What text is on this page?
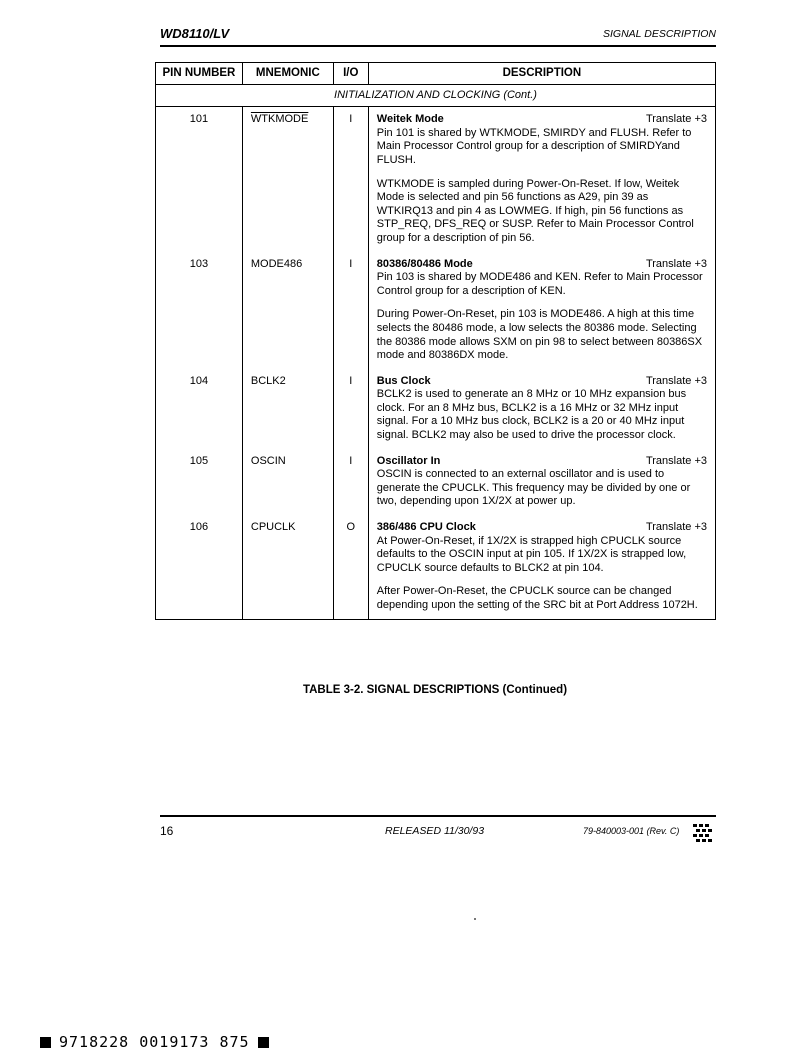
WD8110/LV	SIGNAL DESCRIPTION
PIN NUMBER	MNEMONIC	I/O	DESCRIPTION
INITIALIZATION AND CLOCKING (Cont.)			
101	WTKMODE	I	Weitek Mode Translate +3

Pin 101 is shared by WTKMODE, SMIRDY and FLUSH. Refer to Main Processor Control group for a description of SMIRDYand FLUSH.

WTKMODE is sampled during Power-On-Reset. If low, Weitek Mode is selected and pin 56 functions as A29, pin 39 as WTKIRQ13 and pin 4 as LOWMEG. If high, pin 56 functions as STP_REQ, DFS_REQ or SUSP. Refer to Main Processor Control group for a description of pin 56.

103	MODE486	I	80386/80486 Mode Translate +3

Pin 103 is shared by MODE486 and KEN. Refer to Main Processor Control group for a description of KEN.

During Power-On-Reset, pin 103 is MODE486. A high at this time selects the 80486 mode, a low selects the 80386 mode. Selecting the 80386 mode allows SXM on pin 98 to select between 80386SX mode and 80386DX mode.

104	BCLK2	I	Bus Clock Translate +3

BCLK2 is used to generate an 8 MHz or 10 MHz expansion bus clock. For an 8 MHz bus, BCLK2 is a 16 MHz or 32 MHz input signal. For a 10 MHz bus clock, BCLK2 is a 20 or 40 MHz input signal. BCLK2 may also be used to drive the processor clock.

105	OSCIN	I	Oscillator In Translate +3

OSCIN is connected to an external oscillator and is used to generate the CPUCLK. This frequency may be divided by one or two, depending upon 1X/2X at power up.

106	CPUCLK	O	386/486 CPU Clock Translate +3

At Power-On-Reset, if 1X/2X is strapped high CPUCLK source defaults to the OSCIN input at pin 105. If 1X/2X is strapped low, CPUCLK source defaults to BLCK2 at pin 104.

After Power-On-Reset, the CPUCLK source can be changed depending upon the setting of the SRC bit at Port Address 1072H.

TABLE 3-2. SIGNAL DESCRIPTIONS (Continued)
16	RELEASED 11/30/93	79-840003-001 (Rev. C)
9718228 0019173 875
